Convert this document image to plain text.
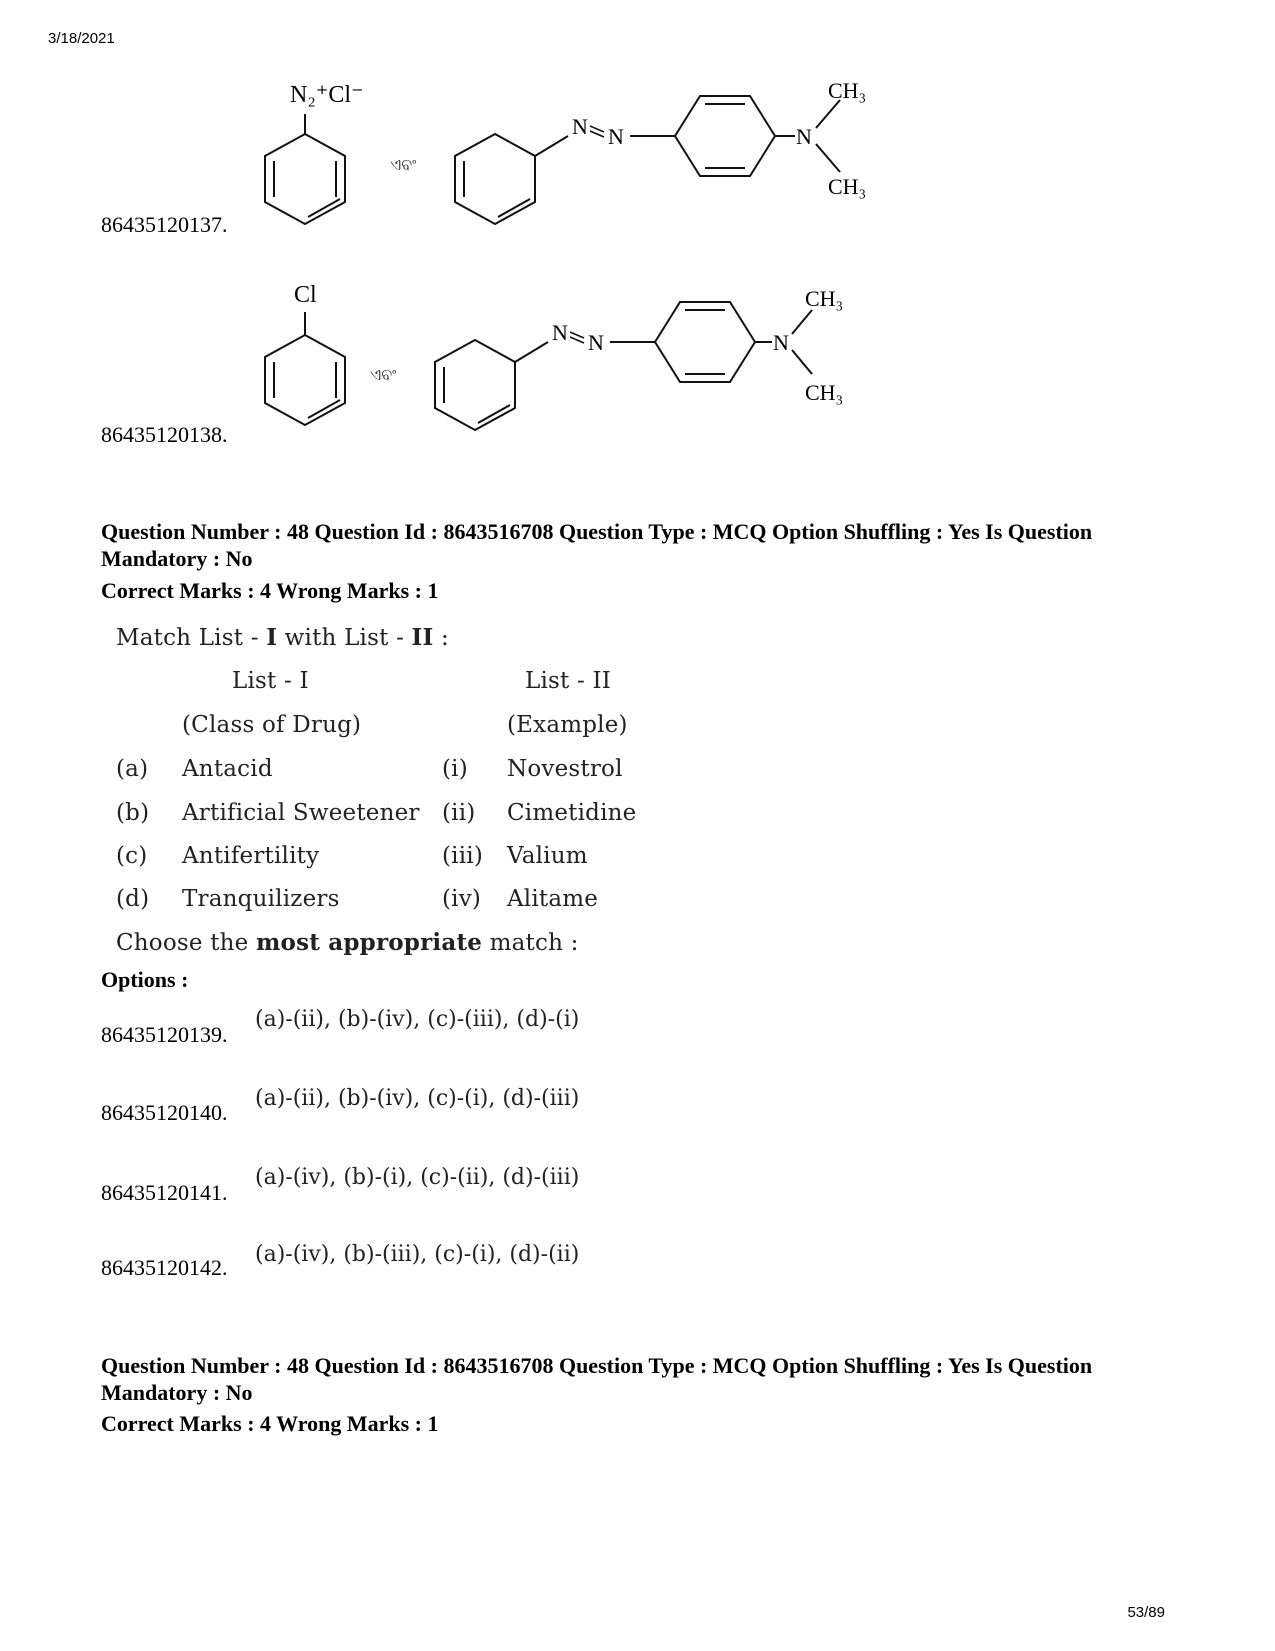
3/18/2021
N₂⁺Cl⁻
ଏବଂ
N N	N
CH₃
CH₃
86435120137.
Cl
ଏବଂ
N N	N
CH₃
CH₃
86435120138.
Question Number : 48 Question Id : 8643516708 Question Type : MCQ Option Shuffling : Yes Is Question Mandatory : No
Correct Marks : 4 Wrong Marks : 1
Match List - I with List - II :
List - I	List - II
(Class of Drug)	(Example)
(a) Antacid	(i) Novestrol
(b) Artificial Sweetener (ii) Cimetidine
(c) Antifertility	(iii) Valium
(d) Tranquilizers	(iv) Alitame
Choose the most appropriate match :
Options :
86435120139.
(a)-(ii), (b)-(iv), (c)-(iii), (d)-(i)
86435120140.
(a)-(ii), (b)-(iv), (c)-(i), (d)-(iii)
86435120141.
(a)-(iv), (b)-(i), (c)-(ii), (d)-(iii)
86435120142.
(a)-(iv), (b)-(iii), (c)-(i), (d)-(ii)
Question Number : 48 Question Id : 8643516708 Question Type : MCQ Option Shuffling : Yes Is Question Mandatory : No
Correct Marks : 4 Wrong Marks : 1
53/89
